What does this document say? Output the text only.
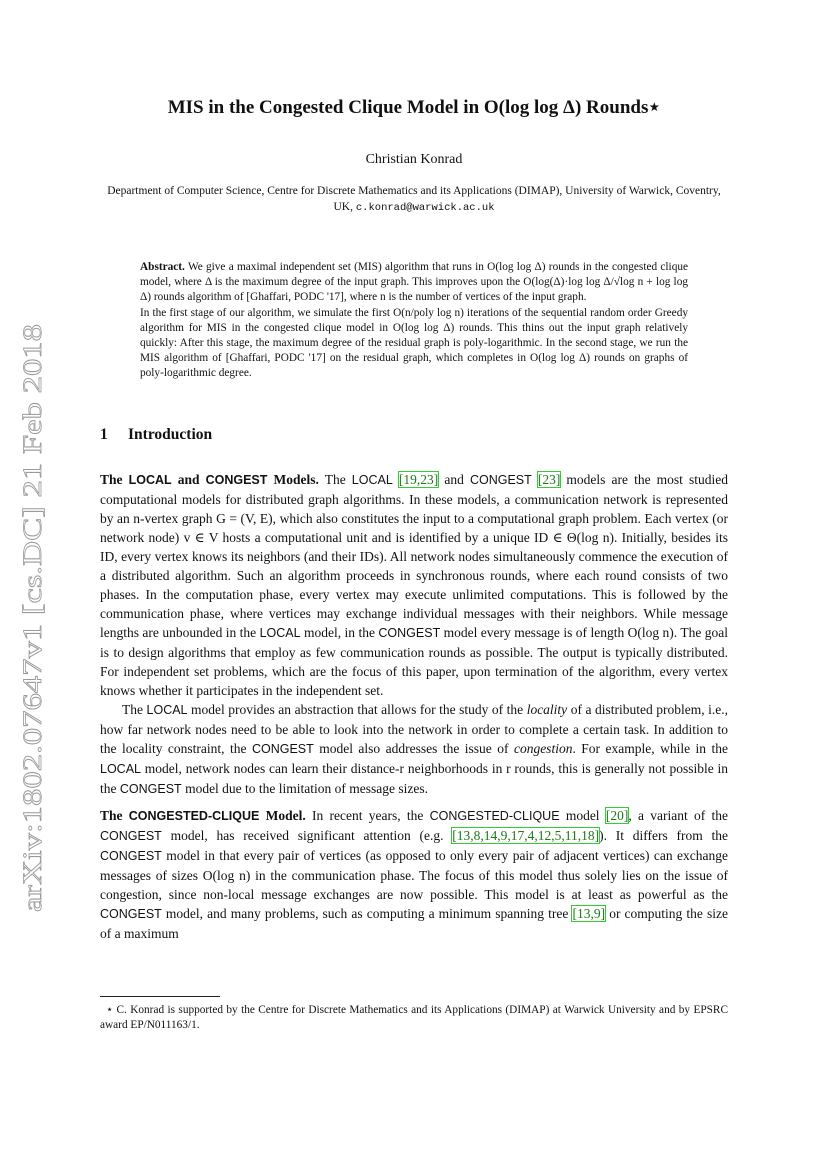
arXiv:1802.07647v1 [cs.DC] 21 Feb 2018
MIS in the Congested Clique Model in O(log log Δ) Rounds⋆
Christian Konrad
Department of Computer Science, Centre for Discrete Mathematics and its Applications (DIMAP), University of Warwick, Coventry, UK, c.konrad@warwick.ac.uk

Abstract. We give a maximal independent set (MIS) algorithm that runs in O(log log Δ) rounds in the congested clique model, where Δ is the maximum degree of the input graph. This improves upon the O(log(Δ)·log log Δ/√log n + log log Δ) rounds algorithm of [Ghaffari, PODC '17], where n is the number of vertices of the input graph.

In the first stage of our algorithm, we simulate the first O(n/poly log n) iterations of the sequential random order Greedy algorithm for MIS in the congested clique model in O(log log Δ) rounds. This thins out the input graph relatively quickly: After this stage, the maximum degree of the residual graph is poly-logarithmic. In the second stage, we run the MIS algorithm of [Ghaffari, PODC '17] on the residual graph, which completes in O(log log Δ) rounds on graphs of poly-logarithmic degree.

1 Introduction

The LOCAL and CONGEST Models. The LOCAL [19,23] and CONGEST [23] models are the most studied computational models for distributed graph algorithms. In these models, a communication network is represented by an n-vertex graph G = (V, E), which also constitutes the input to a computational graph problem. Each vertex (or network node) v ∈ V hosts a computational unit and is identified by a unique ID ∈ Θ(log n). Initially, besides its ID, every vertex knows its neighbors (and their IDs). All network nodes simultaneously commence the execution of a distributed algorithm. Such an algorithm proceeds in synchronous rounds, where each round consists of two phases. In the computation phase, every vertex may execute unlimited computations. This is followed by the communication phase, where vertices may exchange individual messages with their neighbors. While message lengths are unbounded in the LOCAL model, in the CONGEST model every message is of length O(log n). The goal is to design algorithms that employ as few communication rounds as possible. The output is typically distributed. For independent set problems, which are the focus of this paper, upon termination of the algorithm, every vertex knows whether it participates in the independent set.

The LOCAL model provides an abstraction that allows for the study of the locality of a distributed problem, i.e., how far network nodes need to be able to look into the network in order to complete a certain task. In addition to the locality constraint, the CONGEST model also addresses the issue of congestion. For example, while in the LOCAL model, network nodes can learn their distance-r neighborhoods in r rounds, this is generally not possible in the CONGEST model due to the limitation of message sizes.

The CONGESTED-CLIQUE Model. In recent years, the CONGESTED-CLIQUE model [20], a variant of the CONGEST model, has received significant attention (e.g. [13,8,14,9,17,4,12,5,11,18]). It differs from the CONGEST model in that every pair of vertices (as opposed to only every pair of adjacent vertices) can exchange messages of sizes O(log n) in the communication phase. The focus of this model thus solely lies on the issue of congestion, since non-local message exchanges are now possible. This model is at least as powerful as the CONGEST model, and many problems, such as computing a minimum spanning tree [13,9] or computing the size of a maximum

⋆ C. Konrad is supported by the Centre for Discrete Mathematics and its Applications (DIMAP) at Warwick University and by EPSRC award EP/N011163/1.
